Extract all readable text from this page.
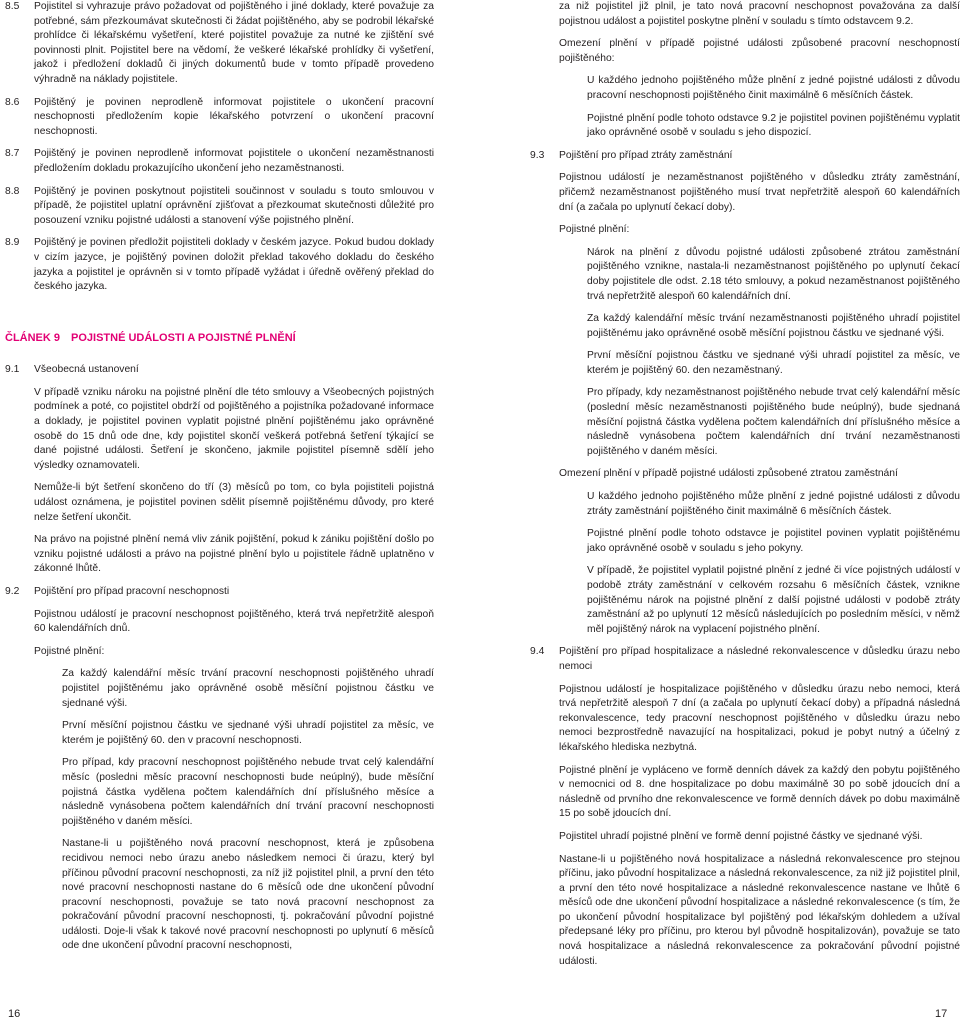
8.5	Pojistitel si vyhrazuje právo požadovat od pojištěného i jiné doklady, které považuje za potřebné, sám přezkoumávat skutečnosti či žádat pojištěného, aby se podrobil lékařské prohlídce či lékařskému vyšetření, které pojistitel považuje za nutné ke zjištění své povinnosti plnit. Pojistitel bere na vědomí, že veškeré lékařské prohlídky či vyšetření, jakož i předložení dokladů či jiných dokumentů bude v tomto případě provedeno výhradně na náklady pojistitele.
8.6	Pojištěný je povinen neprodleně informovat pojistitele o ukončení pracovní neschopnosti předložením kopie lékařského potvrzení o ukončení pracovní neschopnosti.
8.7	Pojištěný je povinen neprodleně informovat pojistitele o ukončení nezaměstnanosti předložením dokladu prokazujícího ukončení jeho nezaměstnanosti.
8.8	Pojištěný je povinen poskytnout pojistiteli součinnost v souladu s touto smlouvou v případě, že pojistitel uplatní oprávnění zjišťovat a přezkoumat skutečnosti důležité pro posouzení vzniku pojistné události a stanovení výše pojistného plnění.
8.9	Pojištěný je povinen předložit pojistiteli doklady v českém jazyce. Pokud budou doklady v cizím jazyce, je pojištěný povinen doložit překlad takového dokladu do českého jazyka a pojistitel je oprávněn si v tomto případě vyžádat i úředně ověřený překlad do českého jazyka.
ČLÁNEK 9 POJISTNÉ UDÁLOSTI A POJISTNÉ PLNĚNÍ
9.1	Všeobecná ustanovení

V případě vzniku nároku na pojistné plnění dle této smlouvy a Všeobecných pojistných podmínek a poté, co pojistitel obdrží od pojištěného a pojistníka požadované informace a doklady, je pojistitel povinen vyplatit pojistné plnění pojištěnému jako oprávněné osobě do 15 dnů ode dne, kdy pojistitel skončí veškerá potřebná šetření týkající se dané pojistné události. Šetření je skončeno, jakmile pojistitel písemně sdělí jeho výsledky oznamovateli.

Nemůže-li být šetření skončeno do tří (3) měsíců po tom, co byla pojistiteli pojistná událost oznámena, je pojistitel povinen sdělit písemně pojištěnému důvody, pro které nelze šetření ukončit.

Na právo na pojistné plnění nemá vliv zánik pojištění, pokud k zániku pojištění došlo po vzniku pojistné události a právo na pojistné plnění bylo u pojistitele řádně uplatněno v zákonné lhůtě.

9.2	Pojištění pro případ pracovní neschopnosti

Pojistnou událostí je pracovní neschopnost pojištěného, která trvá nepřetržitě alespoň 60 kalendářních dnů.

Pojistné plnění:

Za každý kalendářní měsíc trvání pracovní neschopnosti pojištěného uhradí pojistitel pojištěnému jako oprávněné osobě měsíční pojistnou částku ve sjednané výši.

První měsíční pojistnou částku ve sjednané výši uhradí pojistitel za měsíc, ve kterém je pojištěný 60. den v pracovní neschopnosti.

Pro případ, kdy pracovní neschopnost pojištěného nebude trvat celý kalendářní měsíc (posledni měsíc pracovní neschopnosti bude neúplný), bude měsíční pojistná částka vydělena počtem kalendářních dní příslušného měsíce a následně vynásobena počtem kalendářních dní trvání pracovní neschopnosti pojištěného v daném měsíci.

Nastane-li u pojištěného nová pracovní neschopnost, která je způsobena recidivou nemoci nebo úrazu anebo následkem nemoci či úrazu, který byl příčinou původní pracovní neschopnosti, za níž již pojistitel plnil, a první den této nové pracovní neschopnosti nastane do 6 měsíců ode dne ukončení původní pracovní neschopnosti, považuje se tato nová pracovní neschopnost za pokračování původní pracovní neschopnosti, tj. pokračování původní pojistné události. Doje-li však k takové nové pracovní neschopnosti po uplynutí 6 měsíců ode dne ukončení původní pracovní neschopnosti,

za niž pojistitel již plnil, je tato nová pracovní neschopnost považována za další pojistnou událost a pojistitel poskytne plnění v souladu s tímto odstavcem 9.2.

Omezení plnění v případě pojistné události způsobené pracovní neschopností pojištěného:

U každého jednoho pojištěného může plnění z jedné pojistné události z důvodu pracovní neschopnosti pojištěného činit maximálně 6 měsíčních částek.

Pojistné plnění podle tohoto odstavce 9.2 je pojistitel povinen pojištěnému vyplatit jako oprávněné osobě v souladu s jeho dispozicí.

9.3	Pojištění pro případ ztráty zaměstnání

Pojistnou událostí je nezaměstnanost pojištěného v důsledku ztráty zaměstnání, přičemž nezaměstnanost pojištěného musí trvat nepřetržitě alespoň 60 kalendářních dní (a začala po uplynutí čekací doby).

Pojistné plnění:

Nárok na plnění z důvodu pojistné události způsobené ztrátou zaměstnání pojištěného vznikne, nastala-li nezaměstnanost pojištěného po uplynutí čekací doby pojistitele dle odst. 2.18 této smlouvy, a pokud nezaměstnanost pojištěného trvá nepřetržitě alespoň 60 kalendářních dní.

Za každý kalendářní měsíc trvání nezaměstnanosti pojištěného uhradí pojistitel pojištěnému jako oprávněné osobě měsíční pojistnou částku ve sjednané výši.

První měsíční pojistnou částku ve sjednané výši uhradí pojistitel za měsíc, ve kterém je pojištěný 60. den nezaměstnaný.

Pro případy, kdy nezaměstnanost pojištěného nebude trvat celý kalendářní měsíc (poslední měsíc nezaměstnanosti pojištěného bude neúplný), bude sjednaná měsíční pojistná částka vydělena počtem kalendářních dní příslušného měsíce a následně vynásobena počtem kalendářních dní trvání nezaměstnanosti pojištěného v daném měsíci.

Omezení plnění v případě pojistné události způsobené ztratou zaměstnání

U každého jednoho pojištěného může plnění z jedné pojistné události z důvodu ztráty zaměstnání pojištěného činit maximálně 6 měsíčních částek.

Pojistné plnění podle tohoto odstavce je pojistitel povinen vyplatit pojištěnému jako oprávněné osobě v souladu s jeho pokyny.

V případě, že pojistitel vyplatil pojistné plnění z jedné či více pojistných událostí v podobě ztráty zaměstnání v celkovém rozsahu 6 měsíčních částek, vznikne pojištěnému nárok na pojistné plnění z další pojistné události v podobě ztráty zaměstnání až po uplynutí 12 měsíců následujících po posledním měsíci, v němž měl pojištěný nárok na vyplacení pojistného plnění.

9.4	Pojištění pro případ hospitalizace a následné rekonvalescence v důsledku úrazu nebo nemoci

Pojistnou událostí je hospitalizace pojištěného v důsledku úrazu nebo nemoci, která trvá nepřetržitě alespoň 7 dní (a začala po uplynutí čekací doby) a případná následná rekonvalescence, tedy pracovní neschopnost pojištěného v důsledku úrazu nebo nemoci bezprostředně navazující na hospitalizaci, pokud je pobyt nutný a účelný z lékařského hlediska nezbytná.

Pojistné plnění je vypláceno ve formě denních dávek za každý den pobytu pojištěného v nemocnici od 8. dne hospitalizace po dobu maximálně 30 po sobě jdoucích dní a následně od prvního dne rekonvalescence ve formě denních dávek po dobu maximálně 15 po sobě jdoucích dní.

Pojistitel uhradí pojistné plnění ve formě denní pojistné částky ve sjednané výši.

Nastane-li u pojištěného nová hospitalizace a následná rekonvalescence pro stejnou příčinu, jako původní hospitalizace a následná rekonvalescence, za niž již pojistitel plnil, a první den této nové hospitalizace a následné rekonvalescence nastane ve lhůtě 6 měsíců ode dne ukončení původní hospitalizace a následné rekonvalescence (s tím, že po ukončení původní hospitalizace byl pojištěný pod lékařským dohledem a užíval předepsané léky pro příčinu, pro kterou byl původně hospitalizován), považuje se tato nová hospitalizace a následná rekonvalescence za pokračování původní pojistné události.

16	17
